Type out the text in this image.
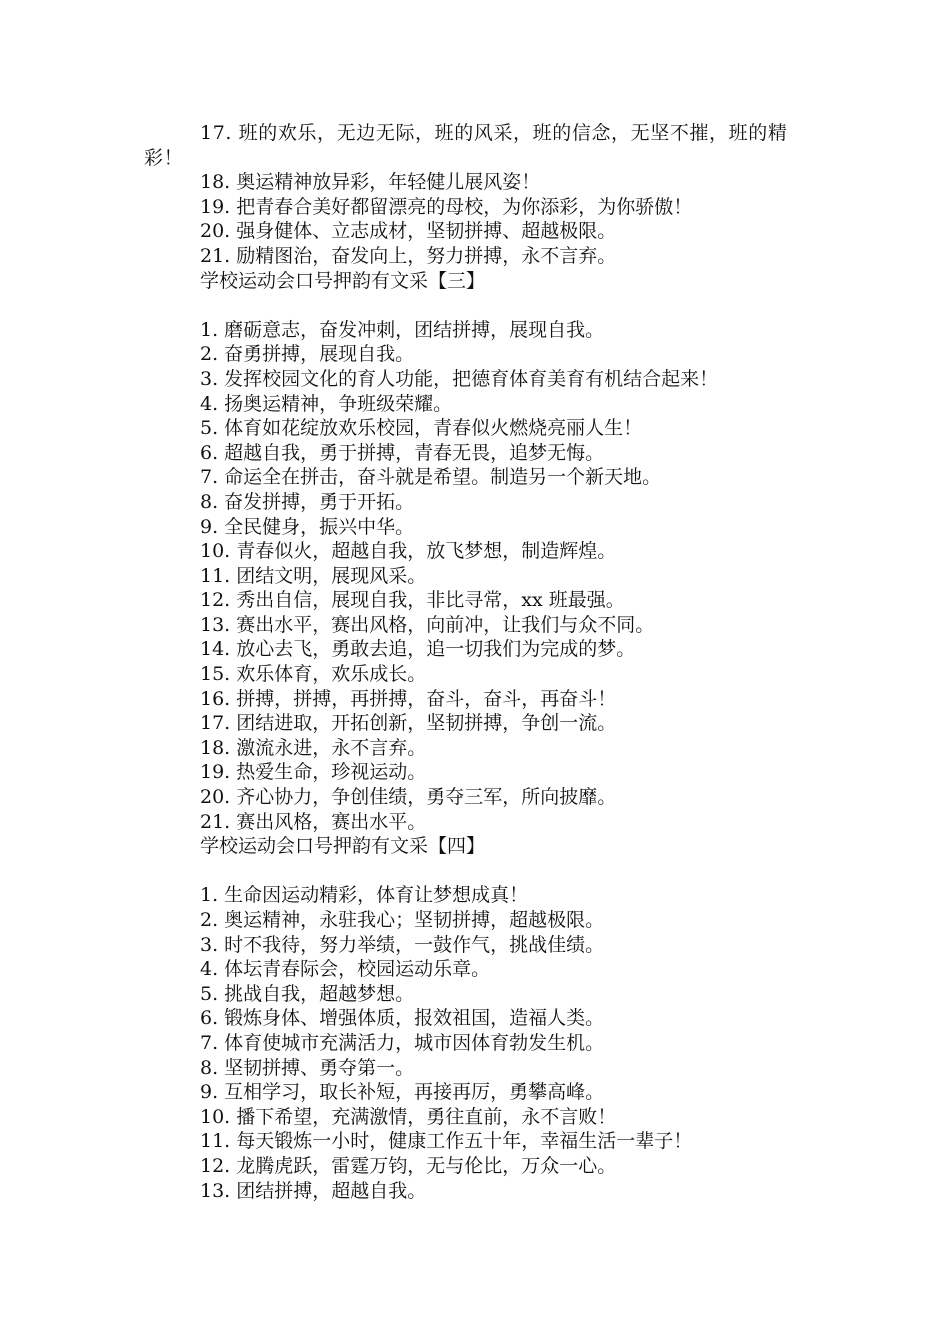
17. 班的欢乐，无边无际，班的风采，班的信念，无坚不摧，班的精彩！
18. 奥运精神放异彩，年轻健儿展风姿！
19. 把青春合美好都留漂亮的母校，为你添彩，为你骄傲！
20. 强身健体、立志成材，坚韧拼搏、超越极限。
21. 励精图治，奋发向上，努力拼搏，永不言弃。
学校运动会口号押韵有文采【三】
1. 磨砺意志，奋发冲刺，团结拼搏，展现自我。
2. 奋勇拼搏，展现自我。
3. 发挥校园文化的育人功能，把德育体育美育有机结合起来！
4. 扬奥运精神，争班级荣耀。
5. 体育如花绽放欢乐校园，青春似火燃烧亮丽人生！
6. 超越自我，勇于拼搏，青春无畏，追梦无悔。
7. 命运全在拼击，奋斗就是希望。制造另一个新天地。
8. 奋发拼搏，勇于开拓。
9. 全民健身，振兴中华。
10. 青春似火，超越自我，放飞梦想，制造辉煌。
11. 团结文明，展现风采。
12. 秀出自信，展现自我，非比寻常，xx 班最强。
13. 赛出水平，赛出风格，向前冲，让我们与众不同。
14. 放心去飞，勇敢去追，追一切我们为完成的梦。
15. 欢乐体育，欢乐成长。
16. 拼搏，拼搏，再拼搏，奋斗，奋斗，再奋斗！
17. 团结进取，开拓创新，坚韧拼搏，争创一流。
18. 激流永进，永不言弃。
19. 热爱生命，珍视运动。
20. 齐心协力，争创佳绩，勇夺三军，所向披靡。
21. 赛出风格，赛出水平。
学校运动会口号押韵有文采【四】
1. 生命因运动精彩，体育让梦想成真！
2. 奥运精神，永驻我心；坚韧拼搏，超越极限。
3. 时不我待，努力举绩，一鼓作气，挑战佳绩。
4. 体坛青春际会，校园运动乐章。
5. 挑战自我，超越梦想。
6. 锻炼身体、增强体质，报效祖国，造福人类。
7. 体育使城市充满活力，城市因体育勃发生机。
8. 坚韧拼搏、勇夺第一。
9. 互相学习，取长补短，再接再厉，勇攀高峰。
10. 播下希望，充满激情，勇往直前，永不言败！
11. 每天锻炼一小时，健康工作五十年，幸福生活一辈子！
12. 龙腾虎跃，雷霆万钧，无与伦比，万众一心。
13. 团结拼搏，超越自我。
